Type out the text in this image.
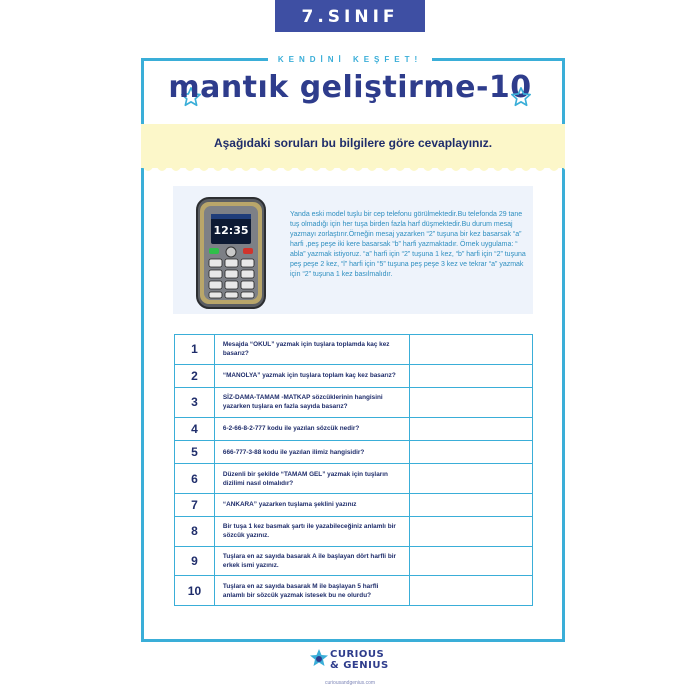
7.SINIF
KENDİNİ KEŞFET!
mantık geliştirme-10
Aşağıdaki soruları bu bilgilere göre cevaplayınız.
12:35
Yanda eski model tuşlu bir cep telefonu görülmektedir.Bu telefonda 29 tane tuş olmadığı için her tuşa birden fazla harf düşmektedir.Bu durum mesaj yazmayı zorlaştırır.Örneğin mesaj yazarken “2” tuşuna bir kez basarsak “a” harfi ,peş peşe iki kere basarsak “b” harfi yazmaktadır. Örnek uygulama: “ abla” yazmak istiyoruz. “a” harfi için “2” tuşuna 1 kez, “b” harfi için “2” tuşuna peş peşe 2 kez, “l” harfi için “5” tuşuna peş peşe 3 kez ve tekrar “a” yazmak için “2” tuşuna 1 kez basılmalıdır.
1	Mesajda “OKUL” yazmak için tuşlara toplamda kaç kez basarız?	
2	“MANOLYA” yazmak için tuşlara toplam kaç kez basarız?	
3	SİZ-DAMA-TAMAM -MATKAP sözcüklerinin hangisini yazarken tuşlara en fazla sayıda basarız?	
4	6-2-66-8-2-777 kodu ile yazılan sözcük nedir?	
5	666-777-3-88 kodu ile yazılan ilimiz hangisidir?	
6	Düzenli bir şekilde “TAMAM GEL” yazmak için tuşların dizilimi nasıl olmalıdır?	
7	“ANKARA” yazarken tuşlama şeklini yazınız	
8	Bir tuşa 1 kez basmak şartı ile yazabileceğiniz anlamlı bir sözcük yazınız.	
9	Tuşlara en az sayıda basarak A ile başlayan dört harfli bir erkek ismi yazınız.	
10	Tuşlara en az sayıda basarak M ile başlayan 5 harfli anlamlı bir sözcük yazmak istesek bu ne olurdu?	
CURIOUS
& GENIUS
curiousandgenius.com
